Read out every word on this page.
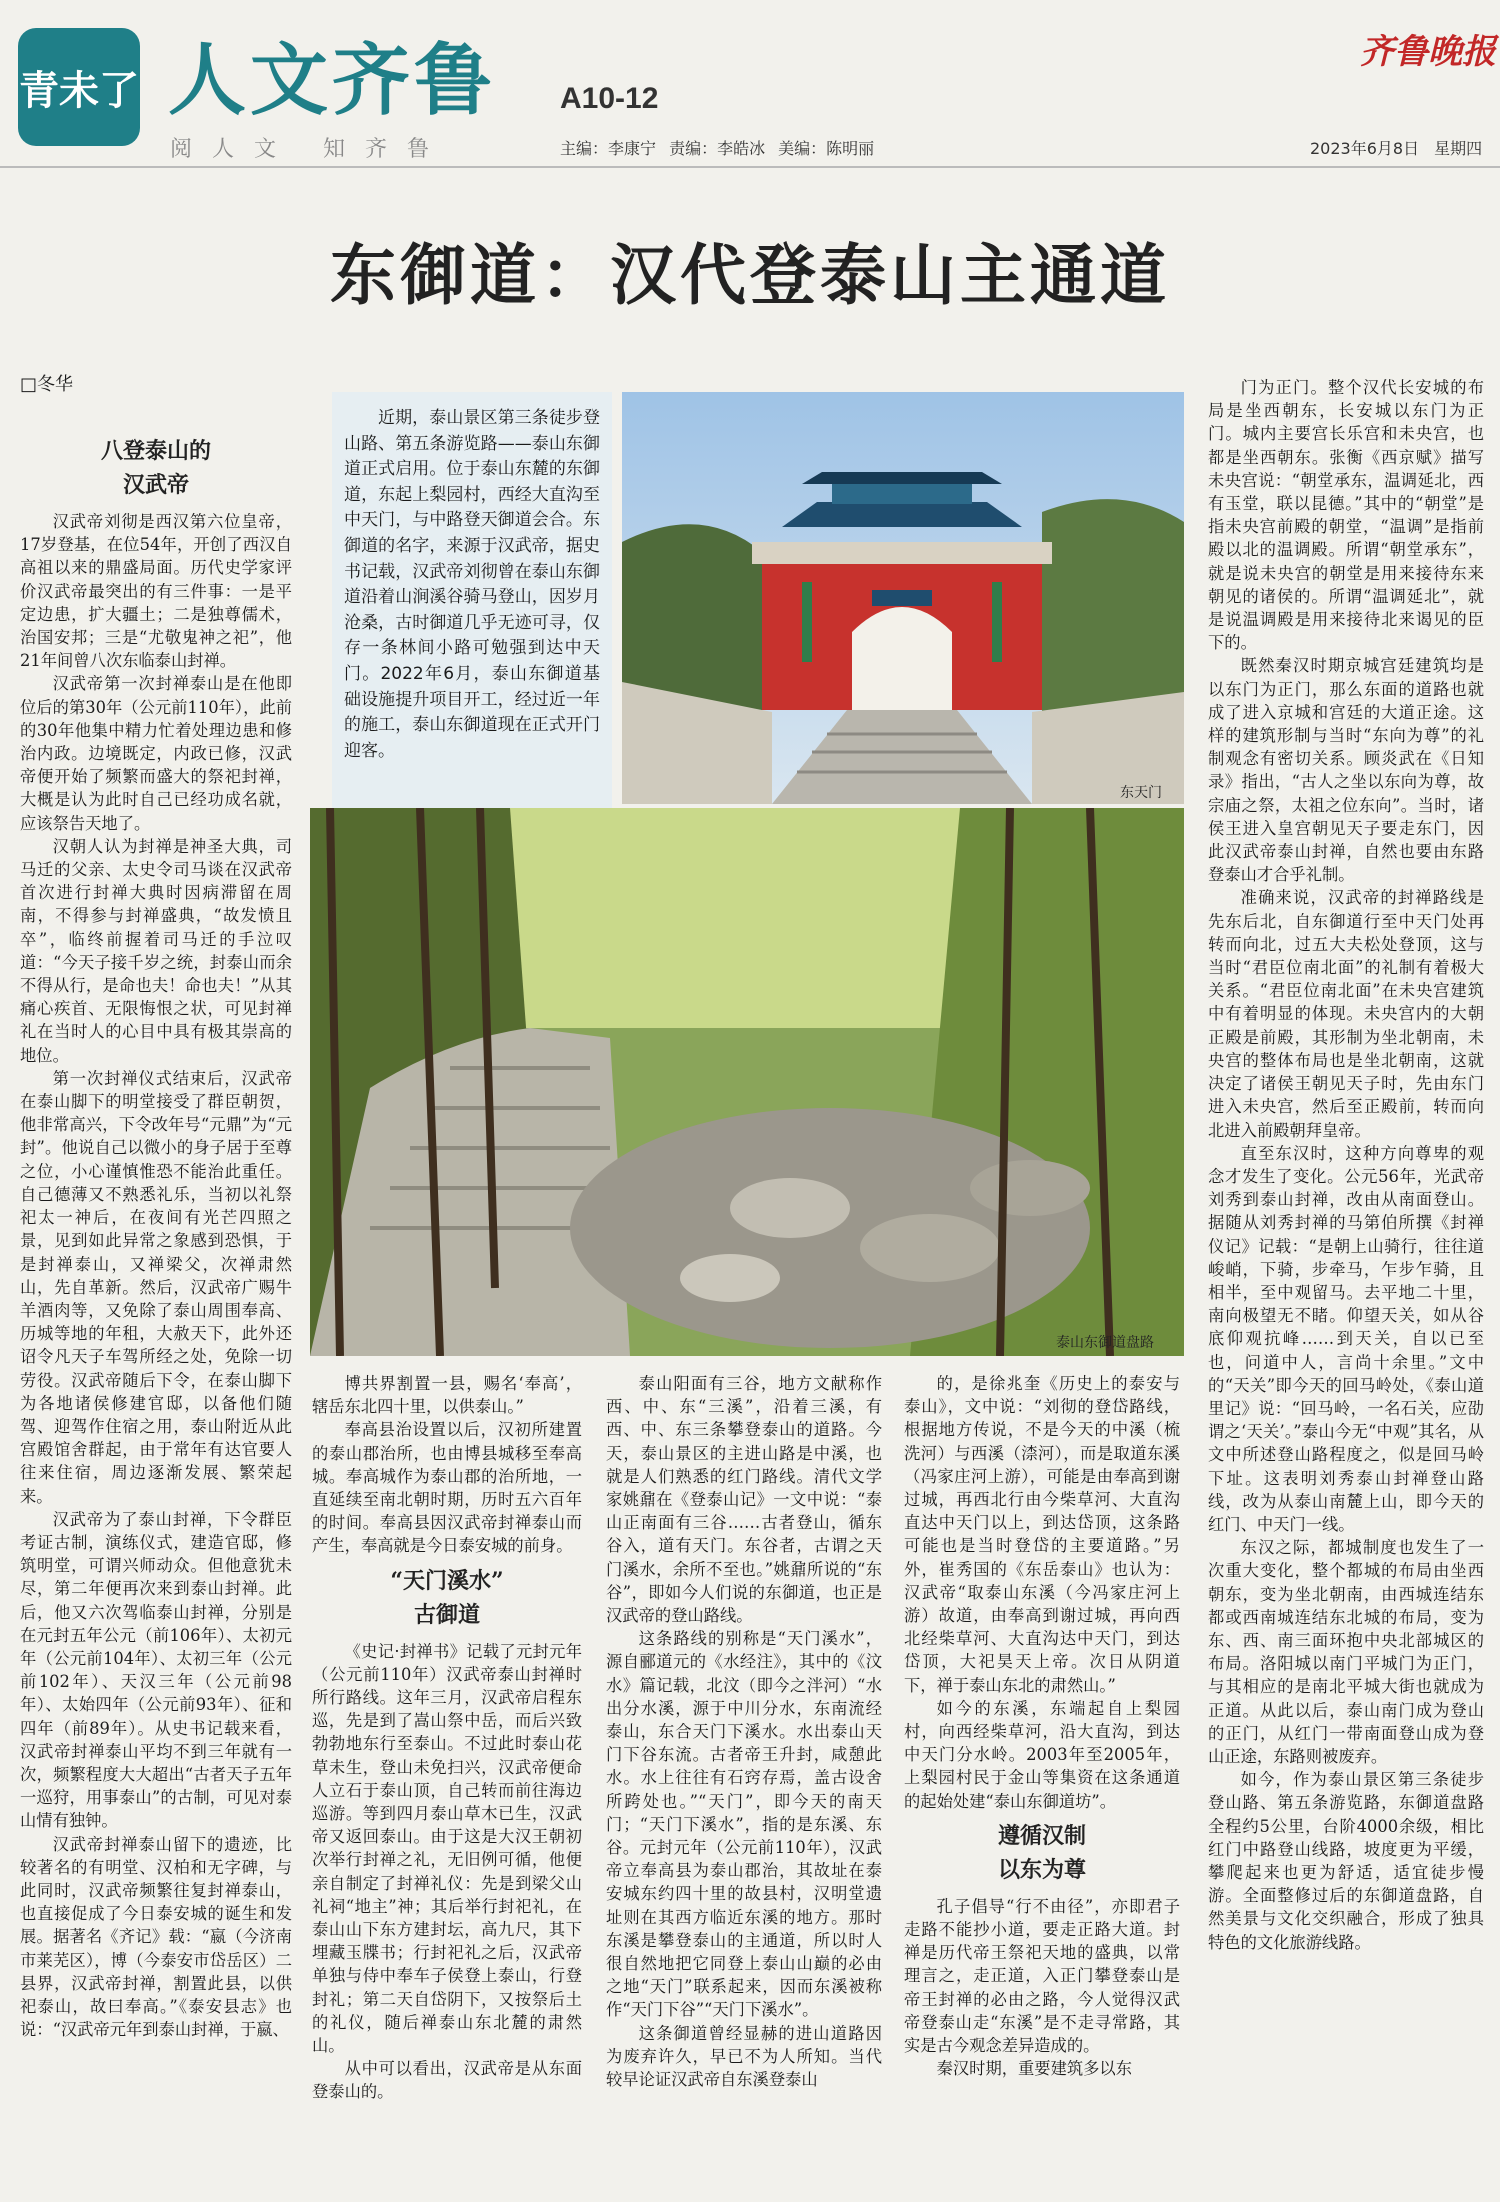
青未了 人文齐鲁 A10-12
阅人文 知齐鲁
齐鲁晚报
主编：李康宁 责编：李皓冰 美编：陈明丽	2023年6月8日 星期四
东御道：汉代登泰山主通道
□冬华
八登泰山的
汉武帝

汉武帝刘彻是西汉第六位皇帝，17岁登基，在位54年，开创了西汉自高祖以来的鼎盛局面。历代史学家评价汉武帝最突出的有三件事：一是平定边患，扩大疆土；二是独尊儒术，治国安邦；三是“尤敬鬼神之祀”，他21年间曾八次东临泰山封禅。

汉武帝第一次封禅泰山是在他即位后的第30年（公元前110年），此前的30年他集中精力忙着处理边患和修治内政。边境既定，内政已修，汉武帝便开始了频繁而盛大的祭祀封禅，大概是认为此时自己已经功成名就，应该祭告天地了。

汉朝人认为封禅是神圣大典，司马迁的父亲、太史令司马谈在汉武帝首次进行封禅大典时因病滞留在周南，不得参与封禅盛典，“故发愤且卒”，临终前握着司马迁的手泣叹道：“今天子接千岁之统，封泰山而余不得从行，是命也夫！命也夫！”从其痛心疾首、无限悔恨之状，可见封禅礼在当时人的心目中具有极其崇高的地位。

第一次封禅仪式结束后，汉武帝在泰山脚下的明堂接受了群臣朝贺，他非常高兴，下令改年号“元鼎”为“元封”。他说自己以微小的身子居于至尊之位，小心谨慎惟恐不能治此重任。自己德薄又不熟悉礼乐，当初以礼祭祀太一神后，在夜间有光芒四照之景，见到如此异常之象感到恐惧，于是封禅泰山，又禅梁父，次禅肃然山，先自革新。然后，汉武帝广赐牛羊酒肉等，又免除了泰山周围奉高、历城等地的年租，大赦天下，此外还诏令凡天子车驾所经之处，免除一切劳役。汉武帝随后下令，在泰山脚下为各地诸侯修建官邸，以备他们随驾、迎驾作住宿之用，泰山附近从此宫殿馆舍群起，由于常年有达官要人往来住宿，周边逐渐发展、繁荣起来。

汉武帝为了泰山封禅，下令群臣考证古制，演练仪式，建造官邸，修筑明堂，可谓兴师动众。但他意犹未尽，第二年便再次来到泰山封禅。此后，他又六次驾临泰山封禅，分别是在元封五年公元（前106年）、太初元年（公元前104年）、太初三年（公元前102年）、天汉三年（公元前98年）、太始四年（公元前93年）、征和四年（前89年）。从史书记载来看，汉武帝封禅泰山平均不到三年就有一次，频繁程度大大超出“古者天子五年一巡狩，用事泰山”的古制，可见对泰山情有独钟。

汉武帝封禅泰山留下的遗迹，比较著名的有明堂、汉柏和无字碑，与此同时，汉武帝频繁往复封禅泰山，也直接促成了今日泰安城的诞生和发展。据著名《齐记》载：“嬴（今济南市莱芜区），博（今泰安市岱岳区）二县界，汉武帝封禅，割置此县，以供祀泰山，故曰奉高。”《泰安县志》也说：“汉武帝元年到泰山封禅，于嬴、

近期，泰山景区第三条徒步登山路、第五条游览路——泰山东御道正式启用。位于泰山东麓的东御道，东起上梨园村，西经大直沟至中天门，与中路登天御道会合。东御道的名字，来源于汉武帝，据史书记载，汉武帝刘彻曾在泰山东御道沿着山涧溪谷骑马登山，因岁月沧桑，古时御道几乎无迹可寻，仅存一条林间小路可勉强到达中天门。2022年6月，泰山东御道基础设施提升项目开工，经过近一年的施工，泰山东御道现在正式开门迎客。

东天门
泰山东御道盘路

博共界割置一县，赐名‘奉高’，辖岳东北四十里，以供泰山。”

奉高县治设置以后，汉初所建置的泰山郡治所，也由博县城移至奉高城。奉高城作为泰山郡的治所地，一直延续至南北朝时期，历时五六百年的时间。奉高县因汉武帝封禅泰山而产生，奉高就是今日泰安城的前身。

“天门溪水”
古御道

《史记·封禅书》记载了元封元年（公元前110年）汉武帝泰山封禅时所行路线。这年三月，汉武帝启程东巡，先是到了嵩山祭中岳，而后兴致勃勃地东行至泰山。不过此时泰山花草未生，登山未免扫兴，汉武帝便命人立石于泰山顶，自己转而前往海边巡游。等到四月泰山草木已生，汉武帝又返回泰山。由于这是大汉王朝初次举行封禅之礼，无旧例可循，他便亲自制定了封禅礼仪：先是到梁父山礼祠“地主”神；其后举行封祀礼，在泰山山下东方建封坛，高九尺，其下埋藏玉牒书；行封祀礼之后，汉武帝单独与侍中奉车子侯登上泰山，行登封礼；第二天自岱阴下，又按祭后土的礼仪，随后禅泰山东北麓的肃然山。

从中可以看出，汉武帝是从东面登泰山的。

泰山阳面有三谷，地方文献称作西、中、东“三溪”，沿着三溪，有西、中、东三条攀登泰山的道路。今天，泰山景区的主进山路是中溪，也就是人们熟悉的红门路线。清代文学家姚鼐在《登泰山记》一文中说：“泰山正南面有三谷……古者登山，循东谷入，道有天门。东谷者，古谓之天门溪水，余所不至也。”姚鼐所说的“东谷”，即如今人们说的东御道，也正是汉武帝的登山路线。

这条路线的别称是“天门溪水”，源自郦道元的《水经注》，其中的《汶水》篇记载，北汶（即今之泮河）“水出分水溪，源于中川分水，东南流经泰山，东合天门下溪水。水出泰山天门下谷东流。古者帝王升封，咸憩此水。水上往往有石窍存焉，盖古设舍所跨处也。”“天门”，即今天的南天门；“天门下溪水”，指的是东溪、东谷。元封元年（公元前110年），汉武帝立奉高县为泰山郡治，其故址在泰安城东约四十里的故县村，汉明堂遗址则在其西方临近东溪的地方。那时东溪是攀登泰山的主通道，所以时人很自然地把它同登上泰山山巅的必由之地“天门”联系起来，因而东溪被称作“天门下谷”“天门下溪水”。

这条御道曾经显赫的进山道路因为废弃许久，早已不为人所知。当代较早论证汉武帝自东溪登泰山

的，是徐兆奎《历史上的泰安与泰山》，文中说：“刘彻的登岱路线，根据地方传说，不是今天的中溪（梳洗河）与西溪（渿河），而是取道东溪（冯家庄河上游），可能是由奉高到谢过城，再西北行由今柴草河、大直沟直达中天门以上，到达岱顶，这条路可能也是当时登岱的主要道路。”另外，崔秀国的《东岳泰山》也认为：汉武帝“取泰山东溪（今冯家庄河上游）故道，由奉高到谢过城，再向西北经柴草河、大直沟达中天门，到达岱顶，大祀昊天上帝。次日从阴道下，禅于泰山东北的肃然山。”

如今的东溪，东端起自上梨园村，向西经柴草河，沿大直沟，到达中天门分水岭。2003年至2005年，上梨园村民于金山等集资在这条通道的起始处建“泰山东御道坊”。

遵循汉制
以东为尊

孔子倡导“行不由径”，亦即君子走路不能抄小道，要走正路大道。封禅是历代帝王祭祀天地的盛典，以常理言之，走正道，入正门攀登泰山是帝王封禅的必由之路，今人觉得汉武帝登泰山走“东溪”是不走寻常路，其实是古今观念差异造成的。

秦汉时期，重要建筑多以东

门为正门。整个汉代长安城的布局是坐西朝东，长安城以东门为正门。城内主要宫长乐宫和未央宫，也都是坐西朝东。张衡《西京赋》描写未央宫说：“朝堂承东，温调延北，西有玉堂，联以昆德。”其中的“朝堂”是指未央宫前殿的朝堂，“温调”是指前殿以北的温调殿。所谓“朝堂承东”，就是说未央宫的朝堂是用来接待东来朝见的诸侯的。所谓“温调延北”，就是说温调殿是用来接待北来谒见的臣下的。

既然秦汉时期京城宫廷建筑均是以东门为正门，那么东面的道路也就成了进入京城和宫廷的大道正途。这样的建筑形制与当时“东向为尊”的礼制观念有密切关系。顾炎武在《日知录》指出，“古人之坐以东向为尊，故宗庙之祭，太祖之位东向”。当时，诸侯王进入皇宫朝见天子要走东门，因此汉武帝泰山封禅，自然也要由东路登泰山才合乎礼制。

准确来说，汉武帝的封禅路线是先东后北，自东御道行至中天门处再转而向北，过五大夫松处登顶，这与当时“君臣位南北面”的礼制有着极大关系。“君臣位南北面”在未央宫建筑中有着明显的体现。未央宫内的大朝正殿是前殿，其形制为坐北朝南，未央宫的整体布局也是坐北朝南，这就决定了诸侯王朝见天子时，先由东门进入未央宫，然后至正殿前，转而向北进入前殿朝拜皇帝。

直至东汉时，这种方向尊卑的观念才发生了变化。公元56年，光武帝刘秀到泰山封禅，改由从南面登山。据随从刘秀封禅的马第伯所撰《封禅仪记》记载：“是朝上山骑行，往往道峻峭，下骑，步牵马，乍步乍骑，且相半，至中观留马。去平地二十里，南向极望无不睹。仰望天关，如从谷底仰观抗峰……到天关，自以已至也，问道中人，言尚十余里。”文中的“天关”即今天的回马岭处，《泰山道里记》说：“回马岭，一名石关，应劭谓之‘天关’。”泰山今无“中观”其名，从文中所述登山路程度之，似是回马岭下址。这表明刘秀泰山封禅登山路线，改为从泰山南麓上山，即今天的红门、中天门一线。

东汉之际，都城制度也发生了一次重大变化，整个都城的布局由坐西朝东，变为坐北朝南，由西城连结东都或西南城连结东北城的布局，变为东、西、南三面环抱中央北部城区的布局。洛阳城以南门平城门为正门，与其相应的是南北平城大街也就成为正道。从此以后，泰山南门成为登山的正门，从红门一带南面登山成为登山正途，东路则被废弃。

如今，作为泰山景区第三条徒步登山路、第五条游览路，东御道盘路全程约5公里，台阶4000余级，相比红门中路登山线路，坡度更为平缓，攀爬起来也更为舒适，适宜徒步慢游。全面整修过后的东御道盘路，自然美景与文化交织融合，形成了独具特色的文化旅游线路。
